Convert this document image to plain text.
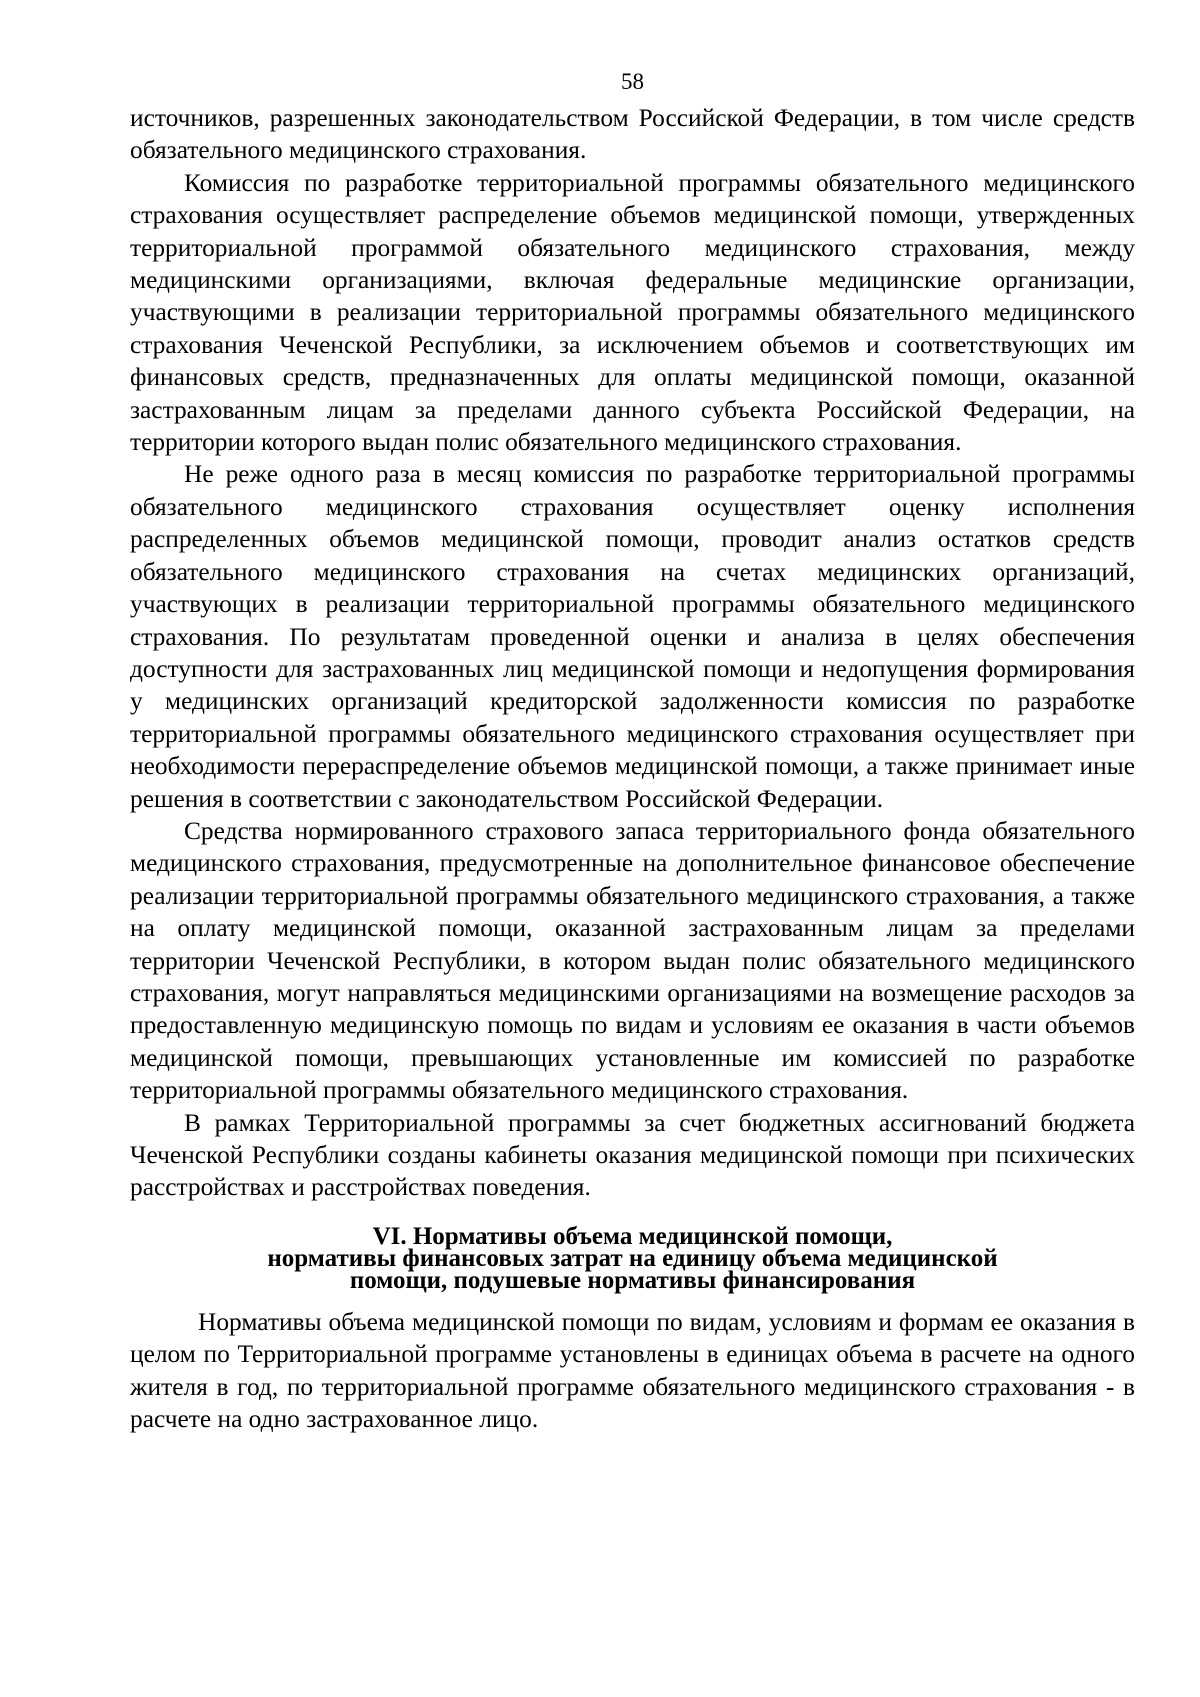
58

источников, разрешенных законодательством Российской Федерации, в том числе средств обязательного медицинского страхования.

Комиссия по разработке территориальной программы обязательного медицинского страхования осуществляет распределение объемов медицинской помощи, утвержденных территориальной программой обязательного медицинского страхования, между медицинскими организациями, включая федеральные медицинские организации, участвующими в реализации территориальной программы обязательного медицинского страхования Чеченской Республики, за исключением объемов и соответствующих им финансовых средств, предназначенных для оплаты медицинской помощи, оказанной застрахованным лицам за пределами данного субъекта Российской Федерации, на территории которого выдан полис обязательного медицинского страхования.

Не реже одного раза в месяц комиссия по разработке территориальной программы обязательного медицинского страхования осуществляет оценку исполнения распределенных объемов медицинской помощи, проводит анализ остатков средств обязательного медицинского страхования на счетах медицинских организаций, участвующих в реализации территориальной программы обязательного медицинского страхования. По результатам проведенной оценки и анализа в целях обеспечения доступности для застрахованных лиц медицинской помощи и недопущения формирования у медицинских организаций кредиторской задолженности комиссия по разработке территориальной программы обязательного медицинского страхования осуществляет при необходимости перераспределение объемов медицинской помощи, а также принимает иные решения в соответствии с законодательством Российской Федерации.

Средства нормированного страхового запаса территориального фонда обязательного медицинского страхования, предусмотренные на дополнительное финансовое обеспечение реализации территориальной программы обязательного медицинского страхования, а также на оплату медицинской помощи, оказанной застрахованным лицам за пределами территории Чеченской Республики, в котором выдан полис обязательного медицинского страхования, могут направляться медицинскими организациями на возмещение расходов за предоставленную медицинскую помощь по видам и условиям ее оказания в части объемов медицинской помощи, превышающих установленные им комиссией по разработке территориальной программы обязательного медицинского страхования.

В рамках Территориальной программы за счет бюджетных ассигнований бюджета Чеченской Республики созданы кабинеты оказания медицинской помощи при психических расстройствах и расстройствах поведения.

VI. Нормативы объема медицинской помощи,
нормативы финансовых затрат на единицу объема медицинской
помощи, подушевые нормативы финансирования

Нормативы объема медицинской помощи по видам, условиям и формам ее оказания в целом по Территориальной программе установлены в единицах объема в расчете на одного жителя в год, по территориальной программе обязательного медицинского страхования - в расчете на одно застрахованное лицо.
